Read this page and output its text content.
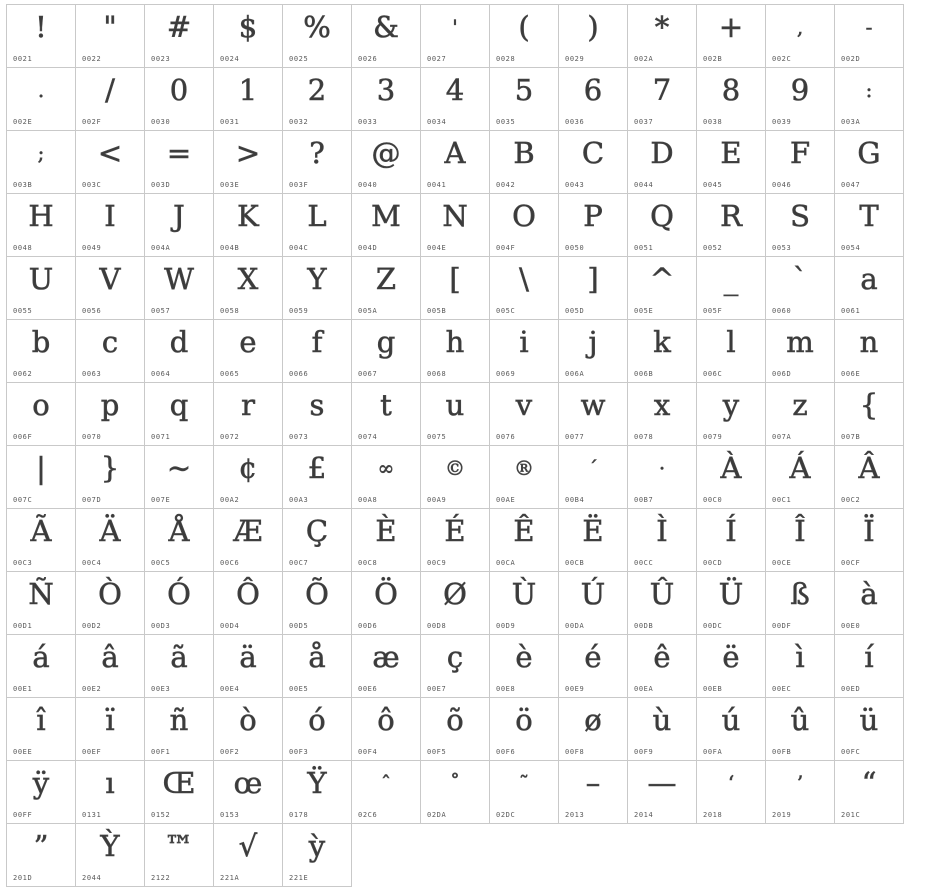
!
0021
"
0022
#
0023
$
0024
%
0025
&
0026
'
0027
(
0028
)
0029
*
002A
+
002B
,
002C
-
002D
.
002E
/
002F
0
0030
1
0031
2
0032
3
0033
4
0034
5
0035
6
0036
7
0037
8
0038
9
0039
:
003A
;
003B
<
003C
=
003D
>
003E
?
003F
@
0040
A
0041
B
0042
C
0043
D
0044
E
0045
F
0046
G
0047
H
0048
I
0049
J
004A
K
004B
L
004C
M
004D
N
004E
O
004F
P
0050
Q
0051
R
0052
S
0053
T
0054
U
0055
V
0056
W
0057
X
0058
Y
0059
Z
005A
[
005B
\
005C
]
005D
^
005E
_
005F
`
0060
a
0061
b
0062
c
0063
d
0064
e
0065
f
0066
g
0067
h
0068
i
0069
j
006A
k
006B
l
006C
m
006D
n
006E
o
006F
p
0070
q
0071
r
0072
s
0073
t
0074
u
0075
v
0076
w
0077
x
0078
y
0079
z
007A
{
007B
|
007C
}
007D
~
007E
¢
00A2
£
00A3
∞
00A8
©
00A9
®
00AE
´
00B4
·
00B7
À
00C0
Á
00C1
Â
00C2
Ã
00C3
Ä
00C4
Å
00C5
Æ
00C6
Ç
00C7
È
00C8
É
00C9
Ê
00CA
Ë
00CB
Ì
00CC
Í
00CD
Î
00CE
Ï
00CF
Ñ
00D1
Ò
00D2
Ó
00D3
Ô
00D4
Õ
00D5
Ö
00D6
Ø
00D8
Ù
00D9
Ú
00DA
Û
00DB
Ü
00DC
ß
00DF
à
00E0
á
00E1
â
00E2
ã
00E3
ä
00E4
å
00E5
æ
00E6
ç
00E7
è
00E8
é
00E9
ê
00EA
ë
00EB
ì
00EC
í
00ED
î
00EE
ï
00EF
ñ
00F1
ò
00F2
ó
00F3
ô
00F4
õ
00F5
ö
00F6
ø
00F8
ù
00F9
ú
00FA
û
00FB
ü
00FC
ÿ
00FF
ı
0131
Œ
0152
œ
0153
Ÿ
0178
ˆ
02C6
˚
02DA
˜
02DC
–
2013
—
2014
‘
2018
’
2019
“
201C
”
201D
Ỳ
2044
™
2122
√
221A
ỳ
221E
